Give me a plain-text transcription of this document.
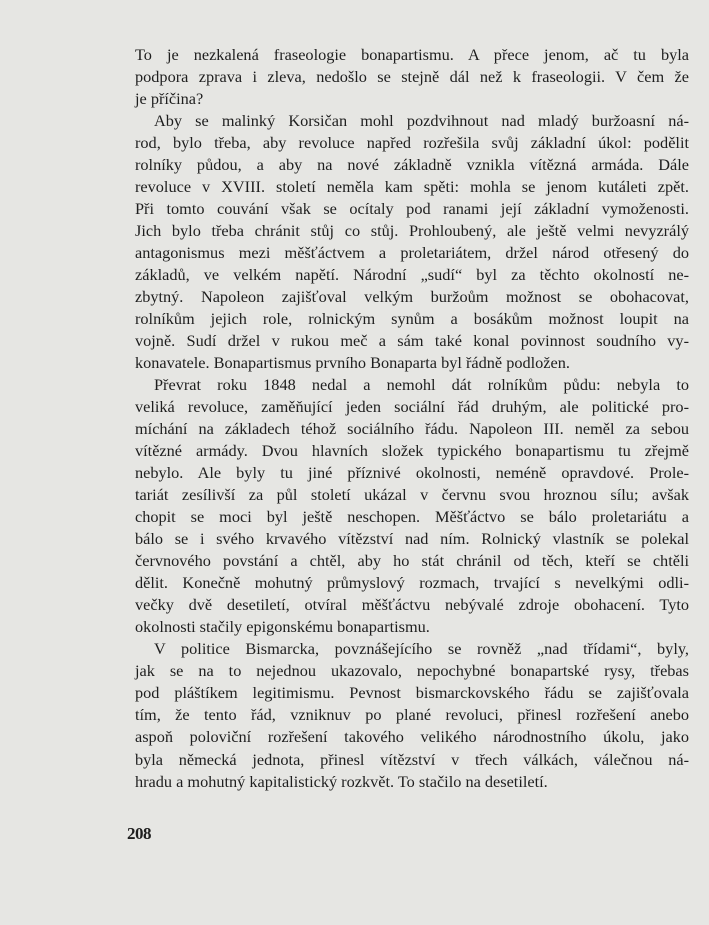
To je nezkalená fraseologie bonapartismu. A přece jenom, ač tu byla
podpora zprava i zleva, nedošlo se stejně dál než k fraseologii. V čem že
je příčina?
Aby se malinký Korsičan mohl pozdvihnout nad mladý buržoasní ná-
rod, bylo třeba, aby revoluce napřed rozřešila svůj základní úkol: podělit
rolníky půdou, a aby na nové základně vznikla vítězná armáda. Dále
revoluce v XVIII. století neměla kam spěti: mohla se jenom kutáleti zpět.
Při tomto couvání však se ocítaly pod ranami její základní vymoženosti.
Jich bylo třeba chránit stůj co stůj. Prohloubený, ale ještě velmi nevyzrálý
antagonismus mezi měšťáctvem a proletariátem, držel národ otřesený do
základů, ve velkém napětí. Národní „sudí“ byl za těchto okolností ne-
zbytný. Napoleon zajišťoval velkým buržoům možnost se obohacovat,
rolníkům jejich role, rolnickým synům a bosákům možnost loupit na
vojně. Sudí držel v rukou meč a sám také konal povinnost soudního vy-
konavatele. Bonapartismus prvního Bonaparta byl řádně podložen.
Převrat roku 1848 nedal a nemohl dát rolníkům půdu: nebyla to
veliká revoluce, zaměňující jeden sociální řád druhým, ale politické pro-
míchání na základech téhož sociálního řádu. Napoleon III. neměl za sebou
vítězné armády. Dvou hlavních složek typického bonapartismu tu zřejmě
nebylo. Ale byly tu jiné příznivé okolnosti, neméně opravdové. Prole-
tariát zesílivší za půl století ukázal v červnu svou hroznou sílu; avšak
chopit se moci byl ještě neschopen. Měšťáctvo se bálo proletariátu a
bálo se i svého krvavého vítězství nad ním. Rolnický vlastník se polekal
červnového povstání a chtěl, aby ho stát chránil od těch, kteří se chtěli
dělit. Konečně mohutný průmyslový rozmach, trvající s nevelkými odli-
večky dvě desetiletí, otvíral měšťáctvu nebývalé zdroje obohacení. Tyto
okolnosti stačily epigonskému bonapartismu.
V politice Bismarcka, povznášejícího se rovněž „nad třídami“, byly,
jak se na to nejednou ukazovalo, nepochybné bonapartské rysy, třebas
pod pláštíkem legitimismu. Pevnost bismarckovského řádu se zajišťovala
tím, že tento řád, vzniknuv po plané revoluci, přinesl rozřešení anebo
aspoň poloviční rozřešení takového velikého národnostního úkolu, jako
byla německá jednota, přinesl vítězství v třech válkách, válečnou ná-
hradu a mohutný kapitalistický rozkvět. To stačilo na desetiletí.
208
